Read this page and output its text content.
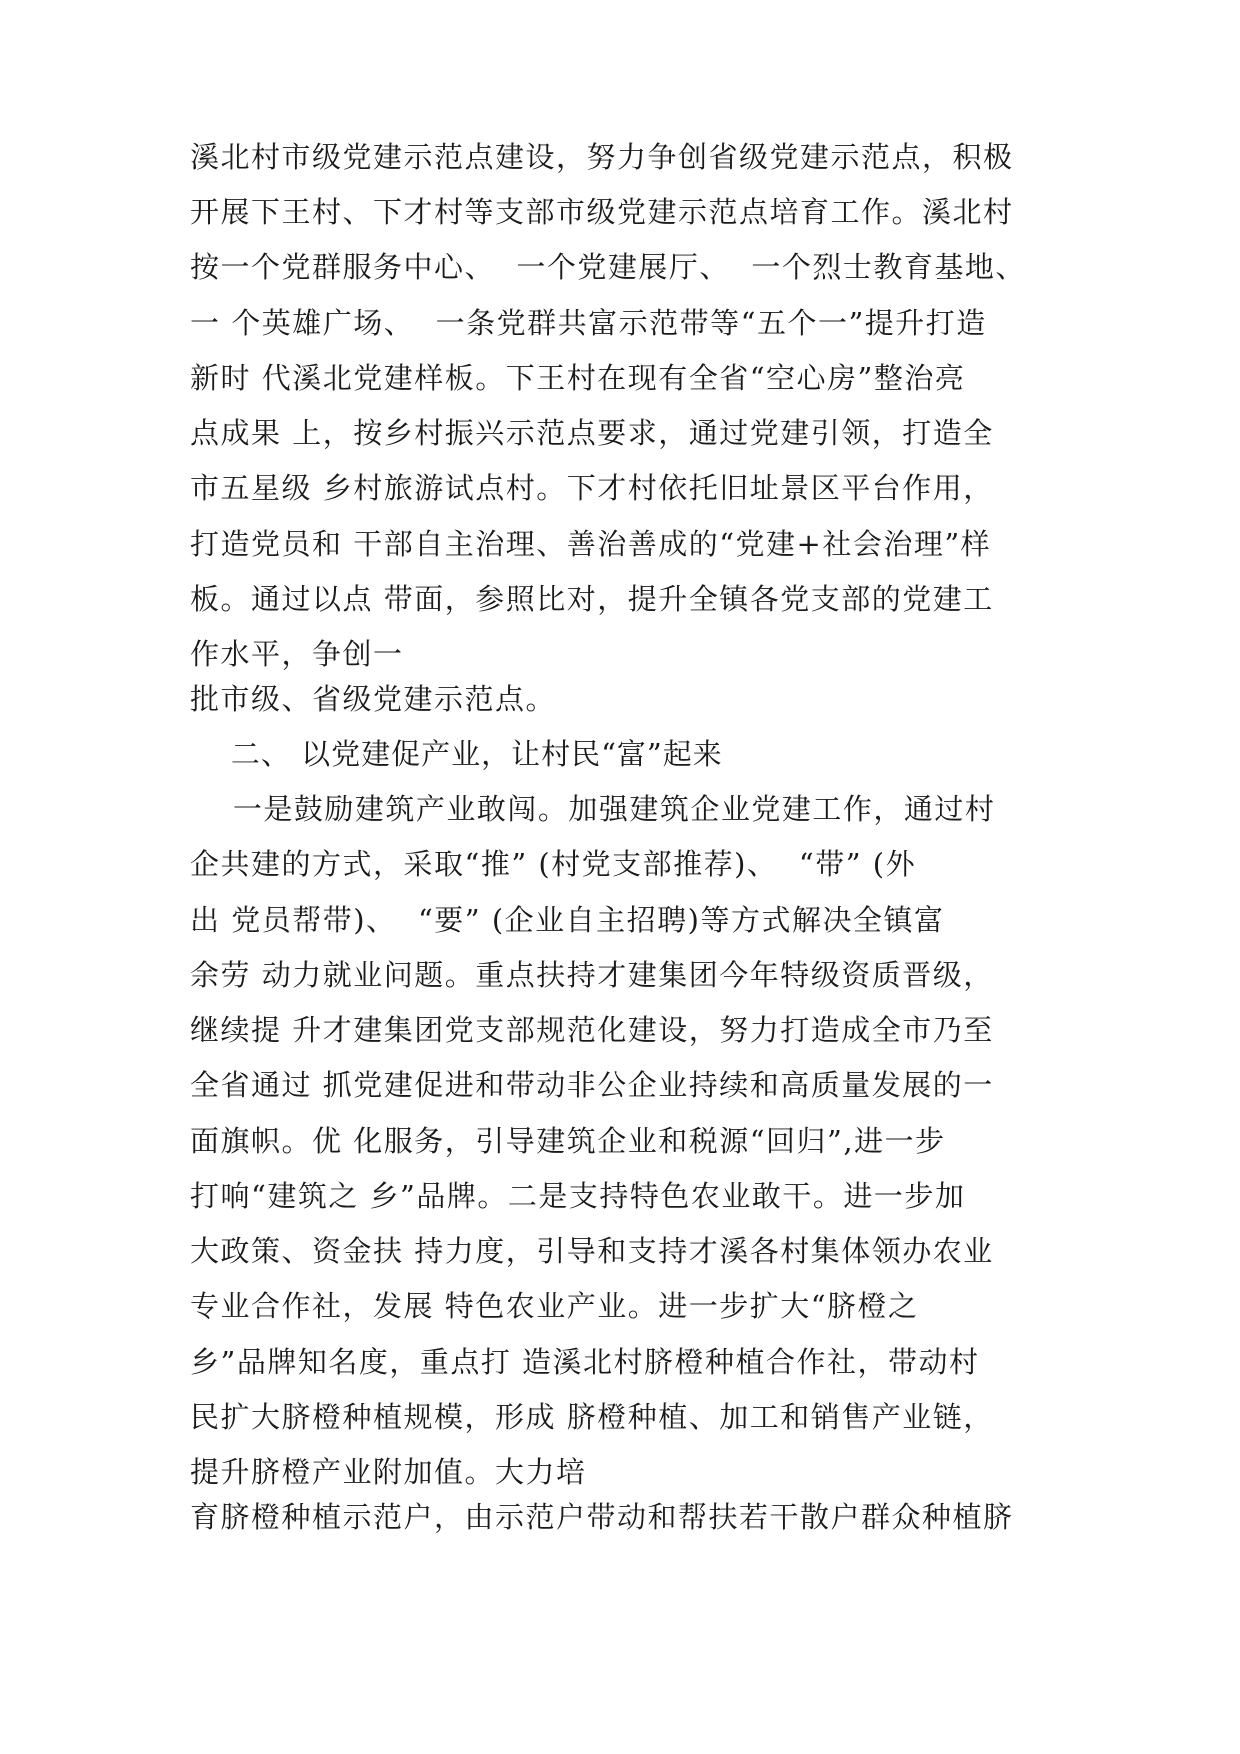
溪北村市级党建示范点建设，努力争创省级党建示范点，积极
开展下王村、下才村等支部市级党建示范点培育工作。溪北村
按一个党群服务中心、  一个党建展厅、  一个烈士教育基地、
一 个英雄广场、  一条党群共富示范带等“五个一”提升打造
新时 代溪北党建样板。下王村在现有全省“空心房”整治亮
点成果 上，按乡村振兴示范点要求，通过党建引领，打造全
市五星级 乡村旅游试点村。下才村依托旧址景区平台作用，
打造党员和 干部自主治理、善治善成的“党建+社会治理”样
板。通过以点 带面，参照比对，提升全镇各党支部的党建工
作水平，争创一
批市级、省级党建示范点。
二、 以党建促产业，让村民“富”起来
一是鼓励建筑产业敢闯。加强建筑企业党建工作，通过村
企共建的方式，采取“推” (村党支部推荐)、  “带” (外
出 党员帮带)、  “要” (企业自主招聘)等方式解决全镇富
余劳 动力就业问题。重点扶持才建集团今年特级资质晋级，
继续提 升才建集团党支部规范化建设，努力打造成全市乃至
全省通过 抓党建促进和带动非公企业持续和高质量发展的一
面旗帜。优 化服务，引导建筑企业和税源“回归”,进一步
打响“建筑之 乡”品牌。二是支持特色农业敢干。进一步加
大政策、资金扶 持力度，引导和支持才溪各村集体领办农业
专业合作社，发展 特色农业产业。进一步扩大“脐橙之
乡”品牌知名度，重点打 造溪北村脐橙种植合作社，带动村
民扩大脐橙种植规模，形成 脐橙种植、加工和销售产业链，
提升脐橙产业附加值。大力培
育脐橙种植示范户，由示范户带动和帮扶若干散户群众种植脐
